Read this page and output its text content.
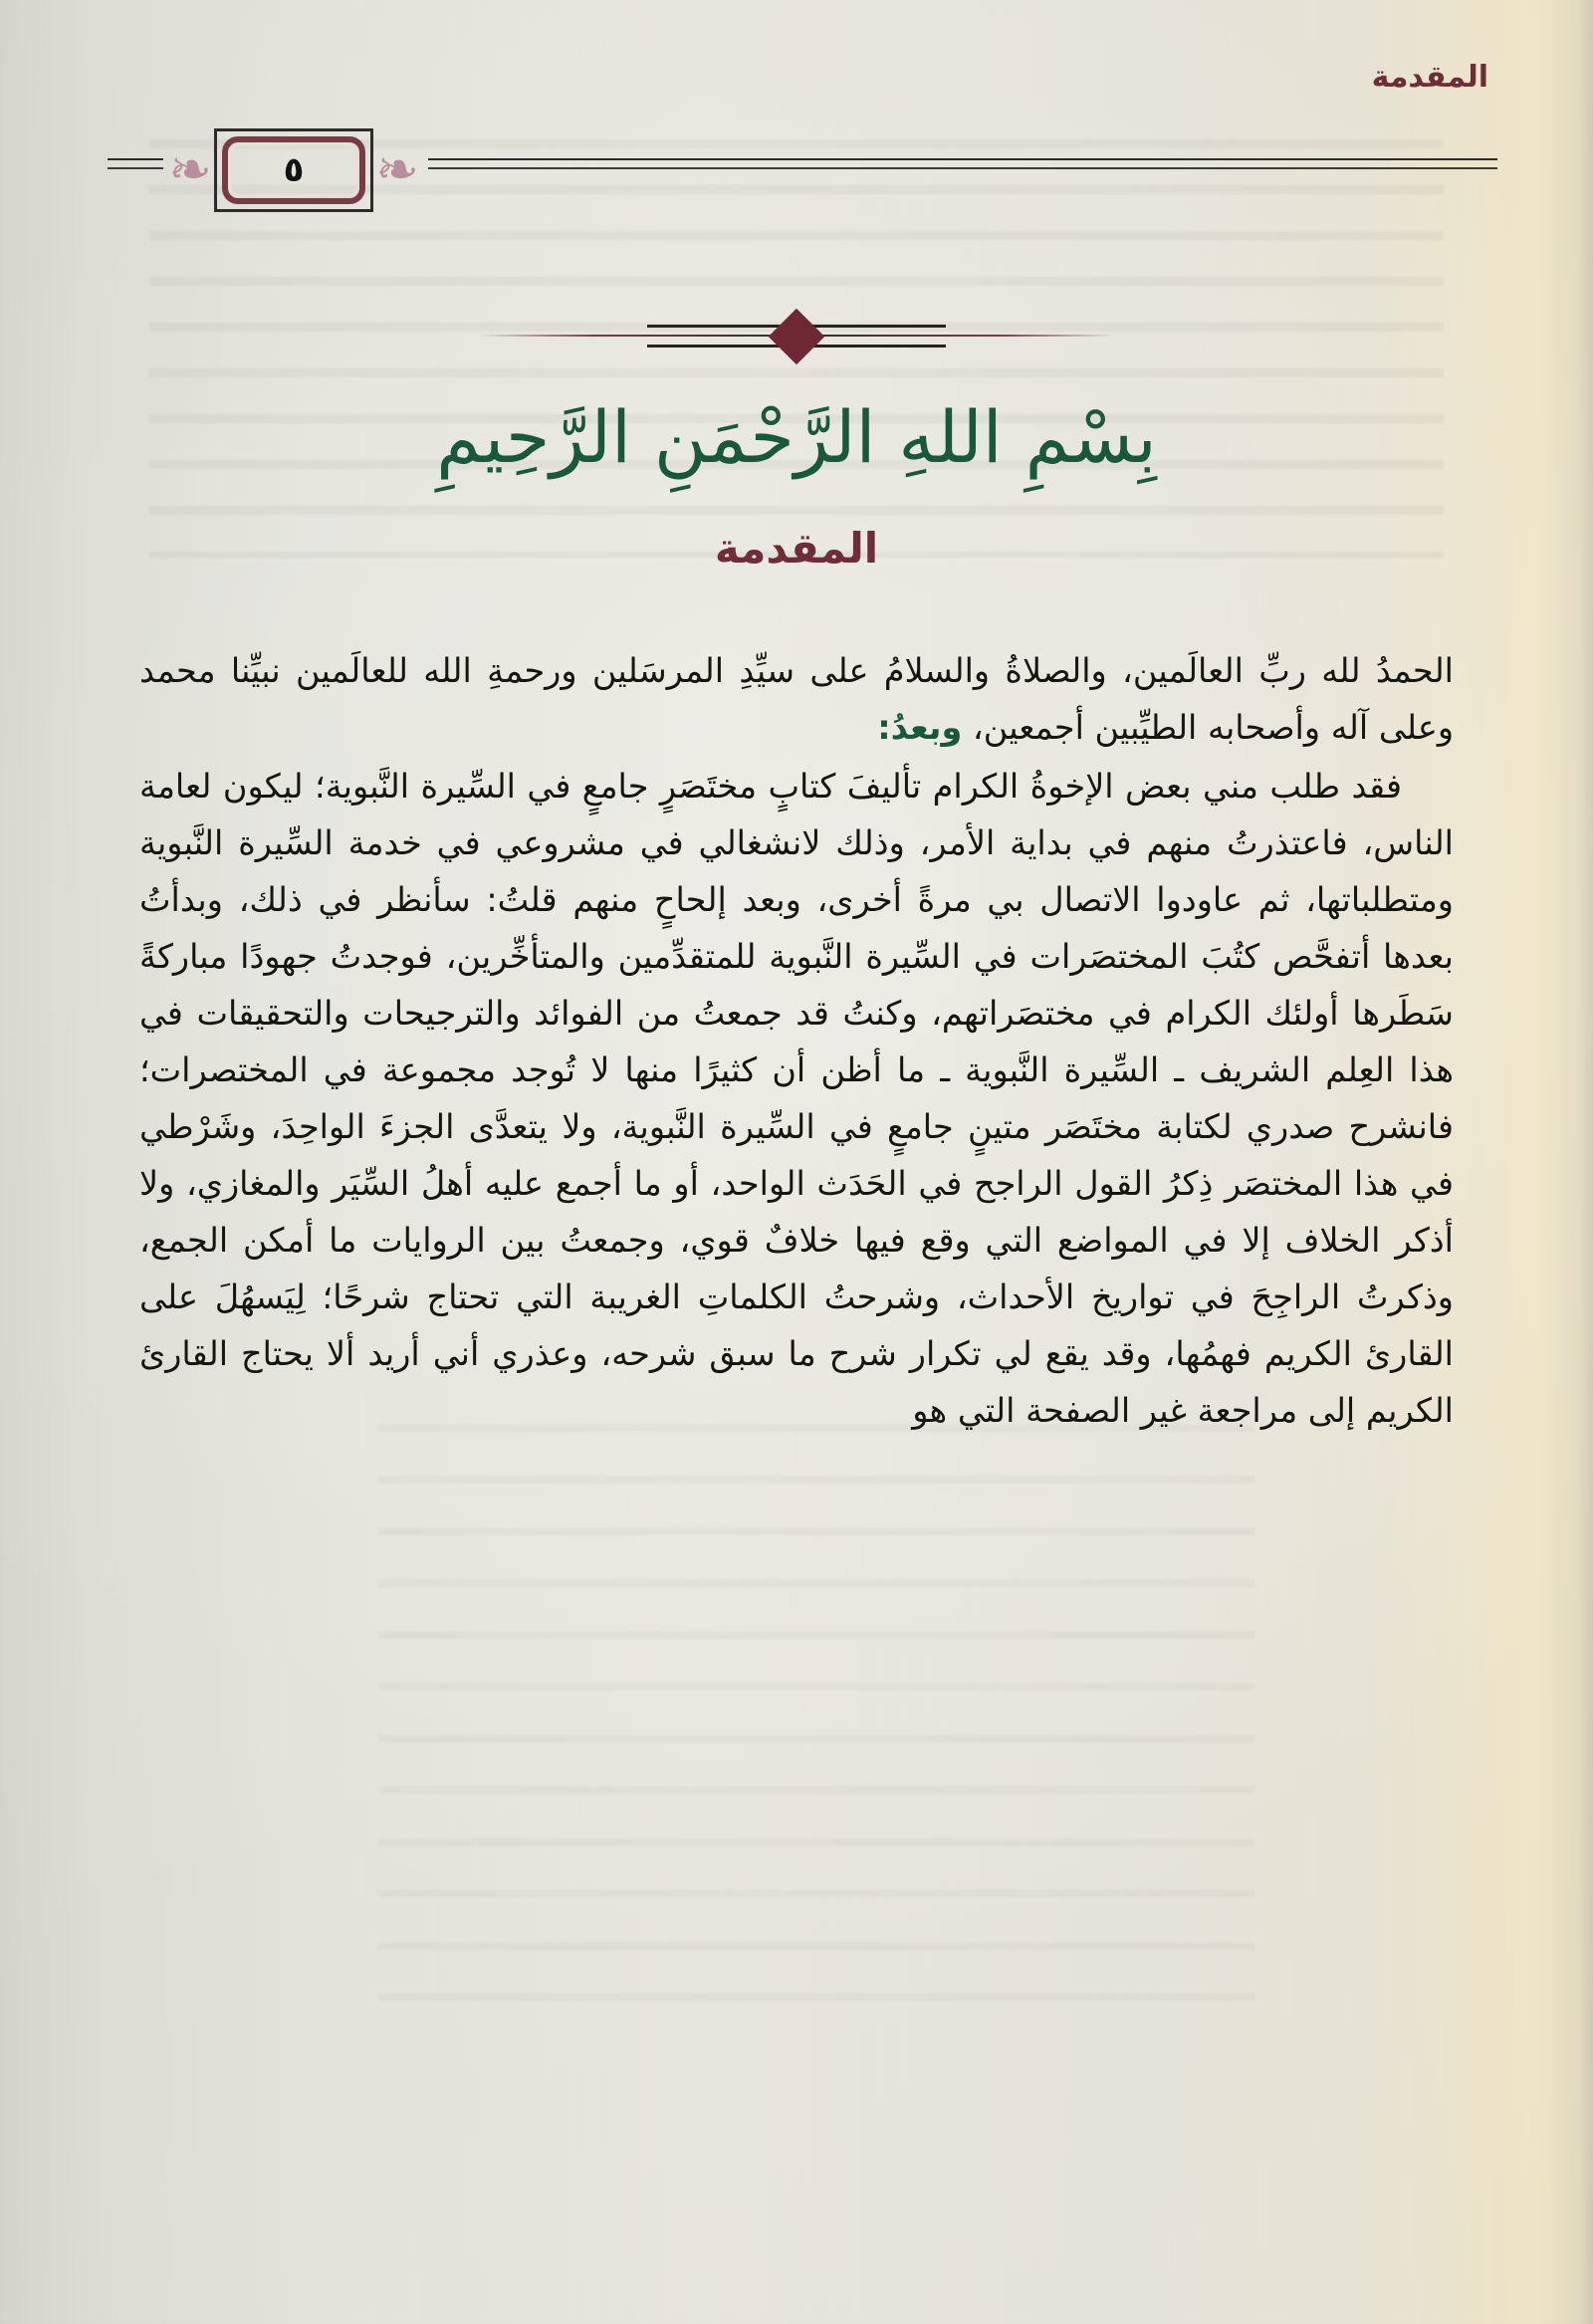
المقدمة
❧	❧
٥
بِسْمِ اللهِ الرَّحْمَنِ الرَّحِيمِ
المقدمة

الحمدُ لله ربِّ العالَمين، والصلاةُ والسلامُ على سيِّدِ المرسَلين ورحمةِ الله للعالَمين نبيِّنا محمد وعلى آله وأصحابه الطيِّبين أجمعين، وبعدُ:

فقد طلب مني بعض الإخوةُ الكرام تأليفَ كتابٍ مختَصَرٍ جامعٍ في السِّيرة النَّبوية؛ ليكون لعامة الناس، فاعتذرتُ منهم في بداية الأمر، وذلك لانشغالي في مشروعي في خدمة السِّيرة النَّبوية ومتطلباتها، ثم عاودوا الاتصال بي مرةً أخرى، وبعد إلحاحٍ منهم قلتُ: سأنظر في ذلك، وبدأتُ بعدها أتفحَّص كتُبَ المختصَرات في السِّيرة النَّبوية للمتقدِّمين والمتأخِّرين، فوجدتُ جهودًا مباركةً سَطَرها أولئك الكرام في مختصَراتهم، وكنتُ قد جمعتُ من الفوائد والترجيحات والتحقيقات في هذا العِلم الشريف ـ السِّيرة النَّبوية ـ ما أظن أن كثيرًا منها لا تُوجد مجموعة في المختصرات؛ فانشرح صدري لكتابة مختَصَر متينٍ جامعٍ في السِّيرة النَّبوية، ولا يتعدَّى الجزءَ الواحِدَ، وشَرْطي في هذا المختصَر ذِكرُ القول الراجح في الحَدَث الواحد، أو ما أجمع عليه أهلُ السِّيَر والمغازي، ولا أذكر الخلاف إلا في المواضع التي وقع فيها خلافٌ قوي، وجمعتُ بين الروايات ما أمكن الجمع، وذكرتُ الراجِحَ في تواريخ الأحداث، وشرحتُ الكلماتِ الغريبة التي تحتاج شرحًا؛ لِيَسهُلَ على القارئ الكريم فهمُها، وقد يقع لي تكرار شرح ما سبق شرحه، وعذري أني أريد ألا يحتاج القارئ الكريم إلى مراجعة غير الصفحة التي هو
